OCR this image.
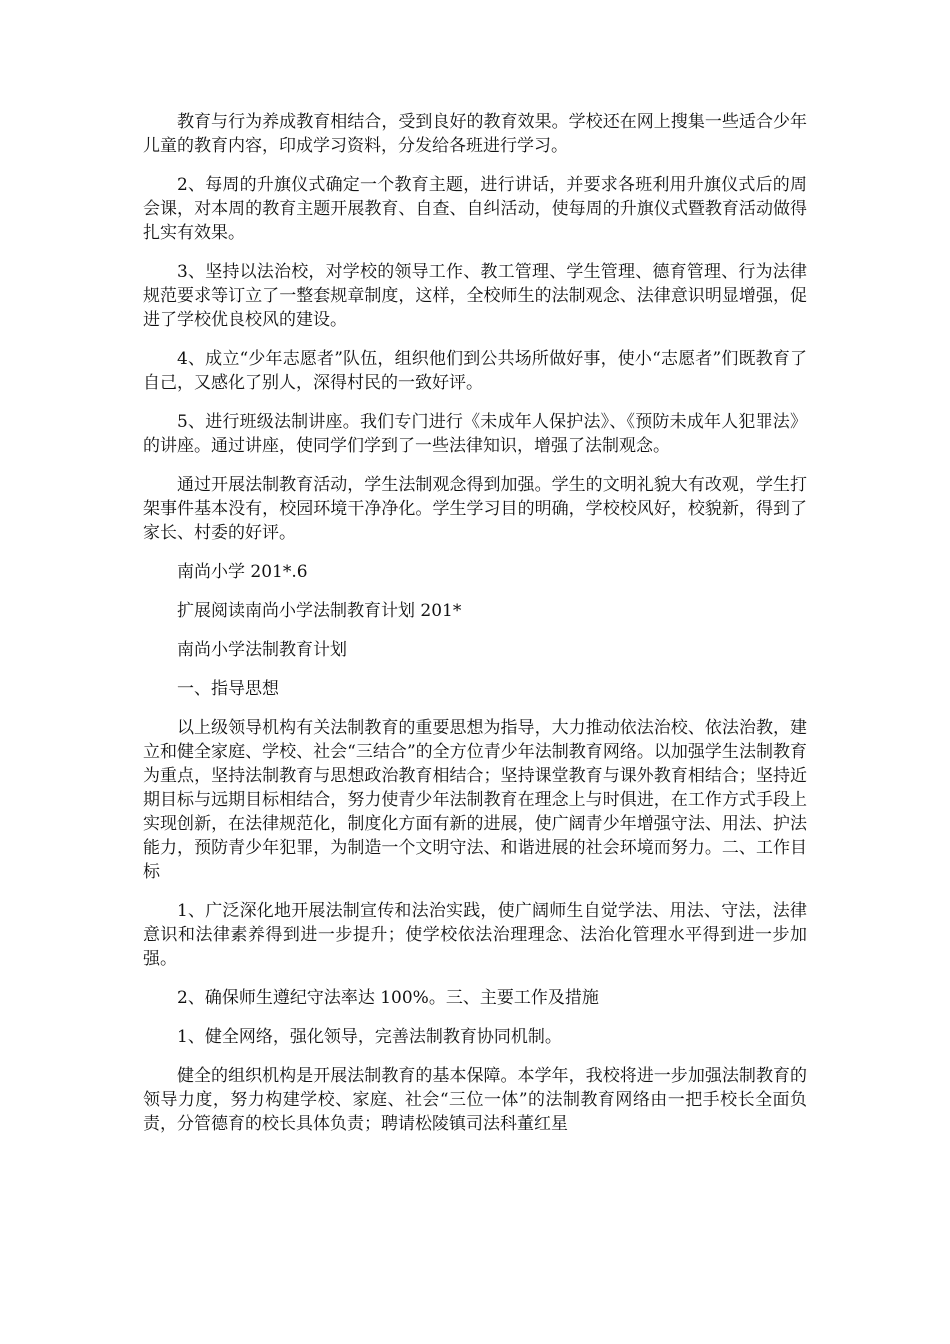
教育与行为养成教育相结合，受到良好的教育效果。学校还在网上搜集一些适合少年儿童的教育内容，印成学习资料，分发给各班进行学习。

2、每周的升旗仪式确定一个教育主题，进行讲话，并要求各班利用升旗仪式后的周会课，对本周的教育主题开展教育、自查、自纠活动，使每周的升旗仪式暨教育活动做得扎实有效果。

3、坚持以法治校，对学校的领导工作、教工管理、学生管理、德育管理、行为法律规范要求等订立了一整套规章制度，这样，全校师生的法制观念、法律意识明显增强，促进了学校优良校风的建设。

4、成立“少年志愿者”队伍，组织他们到公共场所做好事，使小“志愿者”们既教育了自己，又感化了别人，深得村民的一致好评。

5、进行班级法制讲座。我们专门进行《未成年人保护法》、《预防未成年人犯罪法》的讲座。通过讲座，使同学们学到了一些法律知识，增强了法制观念。

通过开展法制教育活动，学生法制观念得到加强。学生的文明礼貌大有改观，学生打架事件基本没有，校园环境干净净化。学生学习目的明确，学校校风好，校貌新，得到了家长、村委的好评。

南尚小学 201*.6

扩展阅读南尚小学法制教育计划 201*

南尚小学法制教育计划

一、指导思想

以上级领导机构有关法制教育的重要思想为指导，大力推动依法治校、依法治教，建立和健全家庭、学校、社会“三结合”的全方位青少年法制教育网络。以加强学生法制教育为重点，坚持法制教育与思想政治教育相结合；坚持课堂教育与课外教育相结合；坚持近期目标与远期目标相结合，努力使青少年法制教育在理念上与时俱进，在工作方式手段上实现创新，在法律规范化，制度化方面有新的进展，使广阔青少年增强守法、用法、护法能力，预防青少年犯罪，为制造一个文明守法、和谐进展的社会环境而努力。二、工作目标

1、广泛深化地开展法制宣传和法治实践，使广阔师生自觉学法、用法、守法，法律意识和法律素养得到进一步提升；使学校依法治理理念、法治化管理水平得到进一步加强。

2、确保师生遵纪守法率达 100%。三、主要工作及措施

1、健全网络，强化领导，完善法制教育协同机制。

健全的组织机构是开展法制教育的基本保障。本学年，我校将进一步加强法制教育的领导力度，努力构建学校、家庭、社会“三位一体”的法制教育网络由一把手校长全面负责，分管德育的校长具体负责；聘请松陵镇司法科董红星
